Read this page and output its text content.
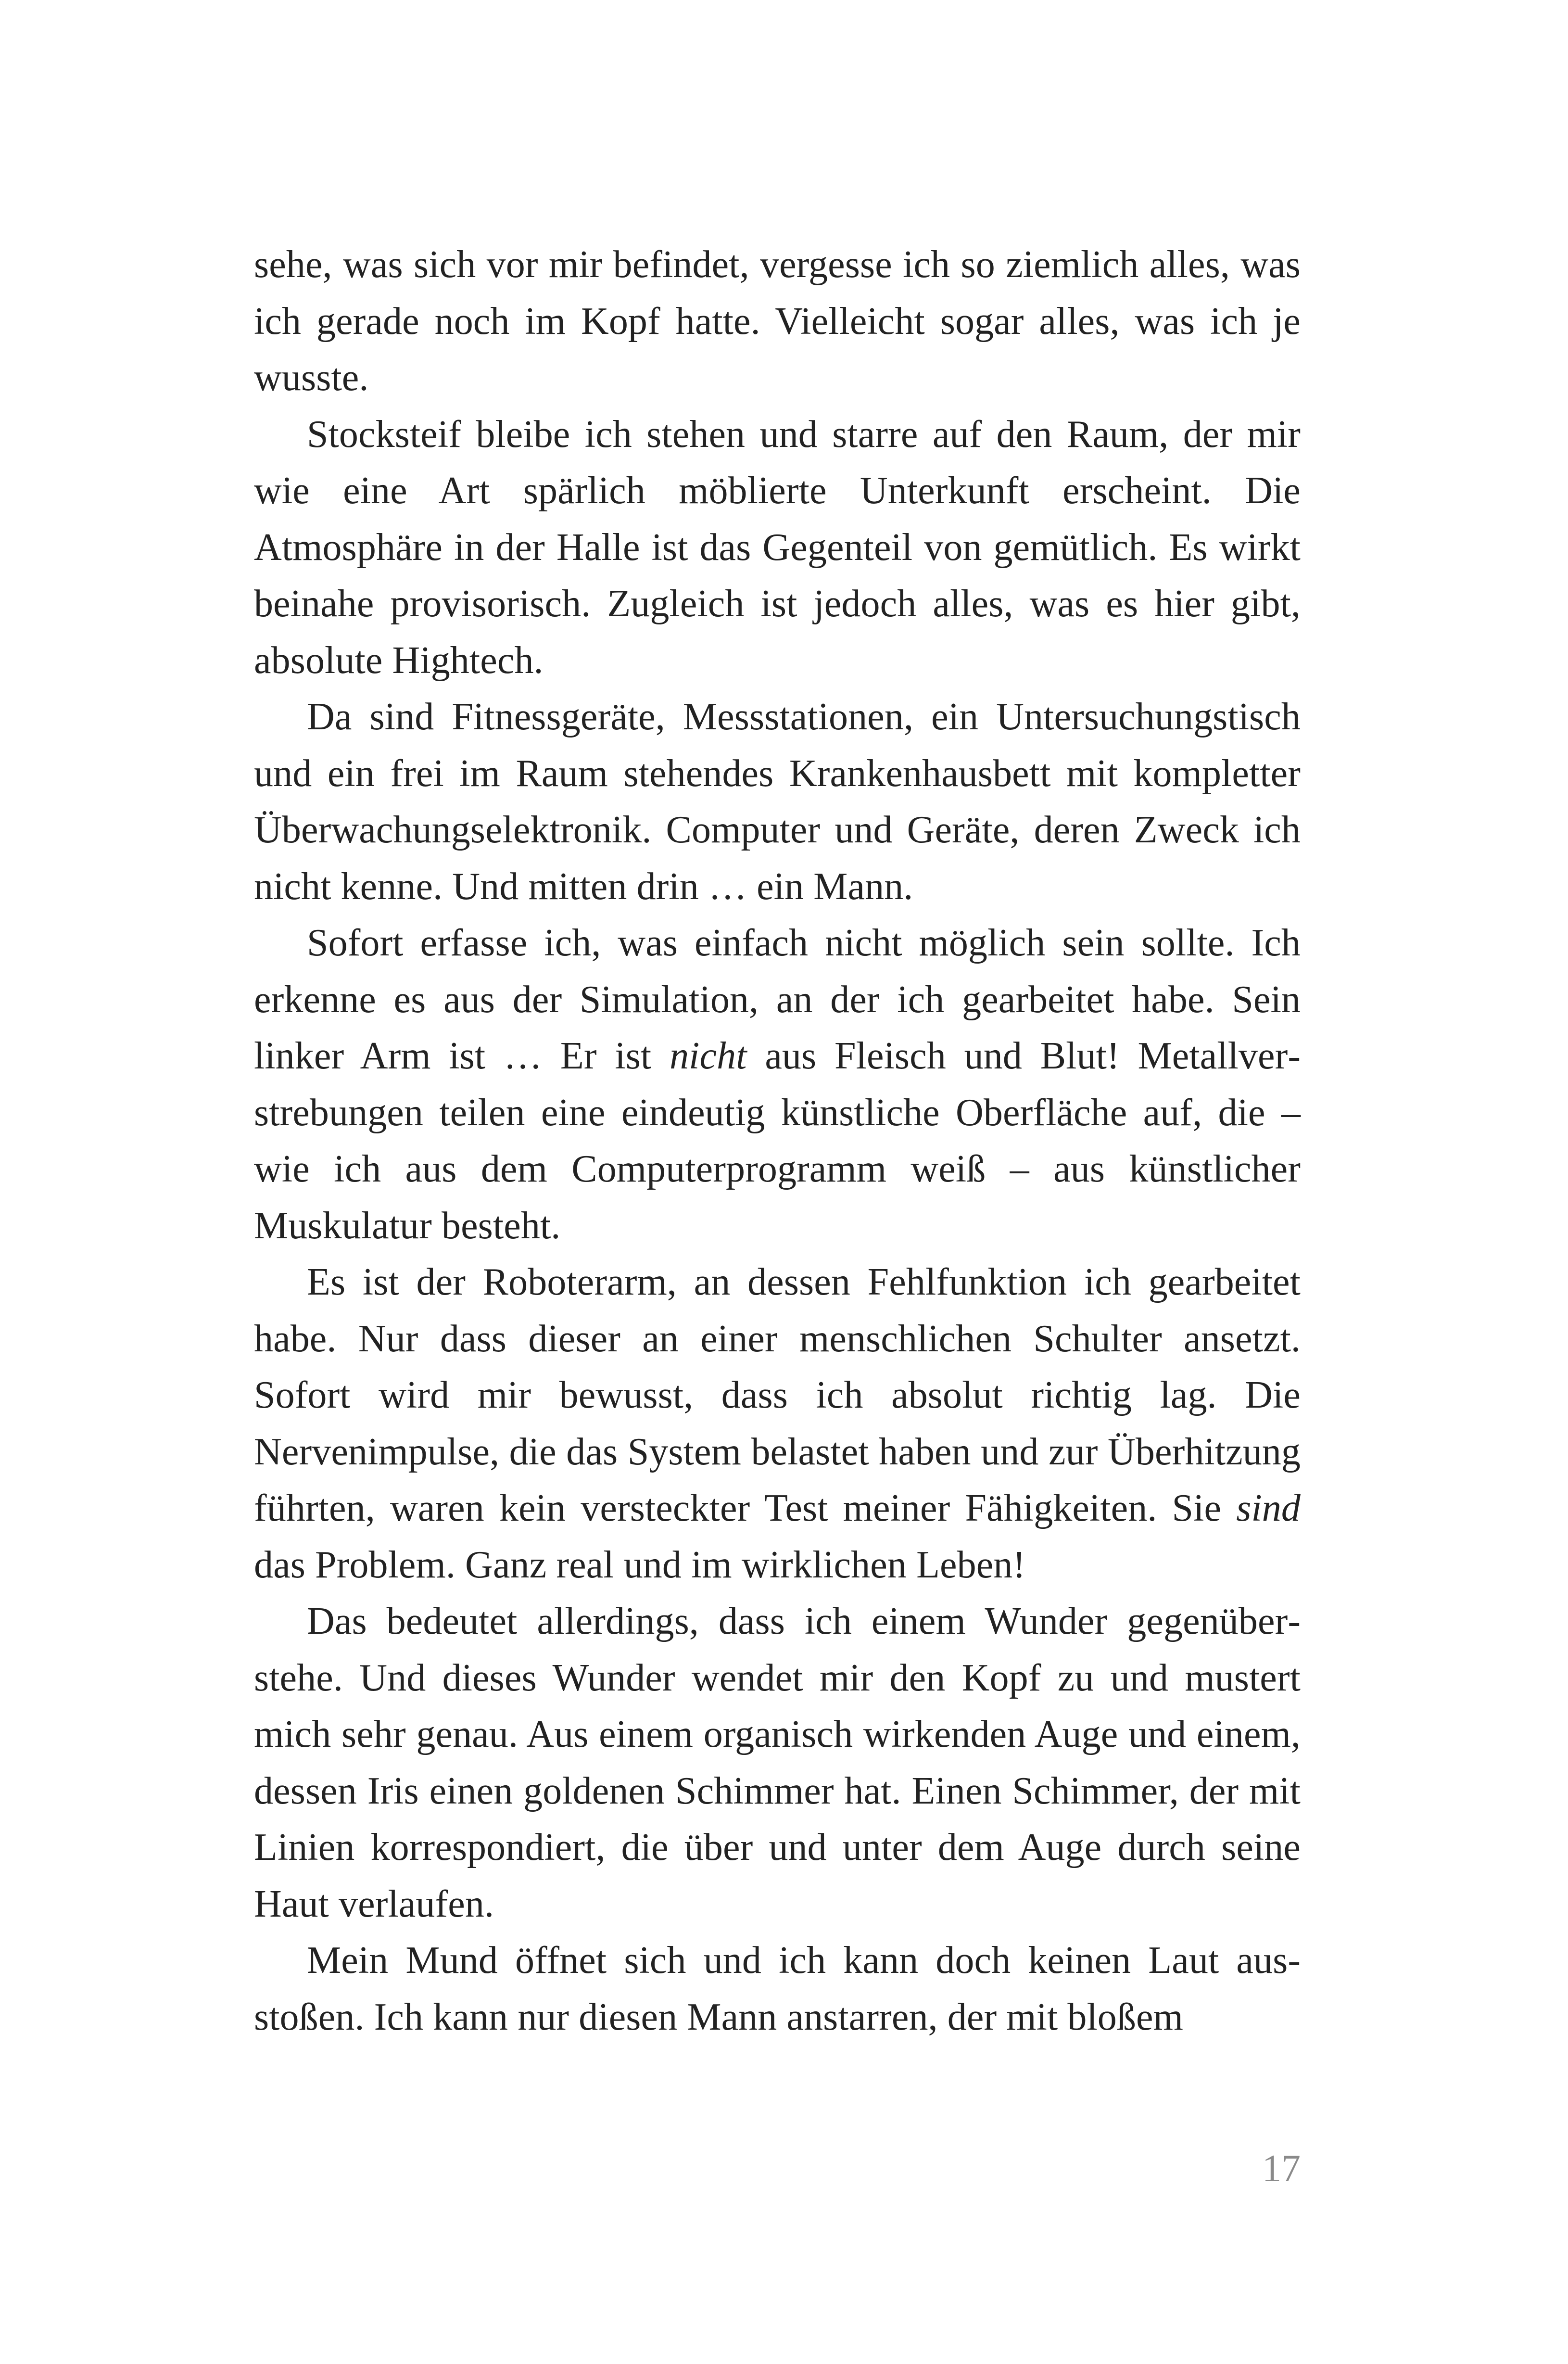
sehe, was sich vor mir befindet, vergesse ich so ziemlich alles, was ich gerade noch im Kopf hatte. Vielleicht sogar alles, was ich je wusste.

Stocksteif bleibe ich stehen und starre auf den Raum, der mir wie eine Art spärlich möblierte Unterkunft erscheint. Die Atmosphäre in der Halle ist das Gegenteil von gemütlich. Es wirkt beinahe provisorisch. Zugleich ist jedoch alles, was es hier gibt, absolute Hightech.

Da sind Fitnessgeräte, Messstationen, ein Untersuchungstisch und ein frei im Raum stehendes Krankenhausbett mit kompletter Überwachungselektronik. Computer und Geräte, deren Zweck ich nicht kenne. Und mitten drin … ein Mann.

Sofort erfasse ich, was einfach nicht möglich sein sollte. Ich erkenne es aus der Simulation, an der ich gearbeitet habe. Sein linker Arm ist … Er ist nicht aus Fleisch und Blut! Metallverstrebungen teilen eine eindeutig künstliche Oberfläche auf, die – wie ich aus dem Computerprogramm weiß – aus künstlicher Muskulatur besteht.

Es ist der Roboterarm, an dessen Fehlfunktion ich gearbeitet habe. Nur dass dieser an einer menschlichen Schulter ansetzt. Sofort wird mir bewusst, dass ich absolut richtig lag. Die Nervenimpulse, die das System belastet haben und zur Überhitzung führten, waren kein versteckter Test meiner Fähigkeiten. Sie sind das Problem. Ganz real und im wirklichen Leben!

Das bedeutet allerdings, dass ich einem Wunder gegenüberstehe. Und dieses Wunder wendet mir den Kopf zu und mustert mich sehr genau. Aus einem organisch wirkenden Auge und einem, dessen Iris einen goldenen Schimmer hat. Einen Schimmer, der mit Linien korrespondiert, die über und unter dem Auge durch seine Haut verlaufen.

Mein Mund öffnet sich und ich kann doch keinen Laut ausstoßen. Ich kann nur diesen Mann anstarren, der mit bloßem

17
